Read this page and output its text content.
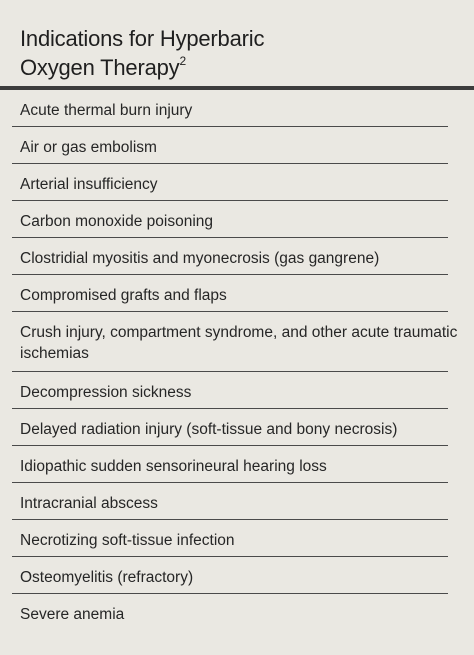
Indications for Hyperbaric
Oxygen Therapy$^2$
Acute thermal burn injury
Air or gas embolism
Arterial insufficiency
Carbon monoxide poisoning
Clostridial myositis and myonecrosis (gas gangrene)
Compromised grafts and flaps
Crush injury, compartment syndrome, and other acute traumatic ischemias
Decompression sickness
Delayed radiation injury (soft-tissue and bony necrosis)
Idiopathic sudden sensorineural hearing loss
Intracranial abscess
Necrotizing soft-tissue infection
Osteomyelitis (refractory)
Severe anemia
